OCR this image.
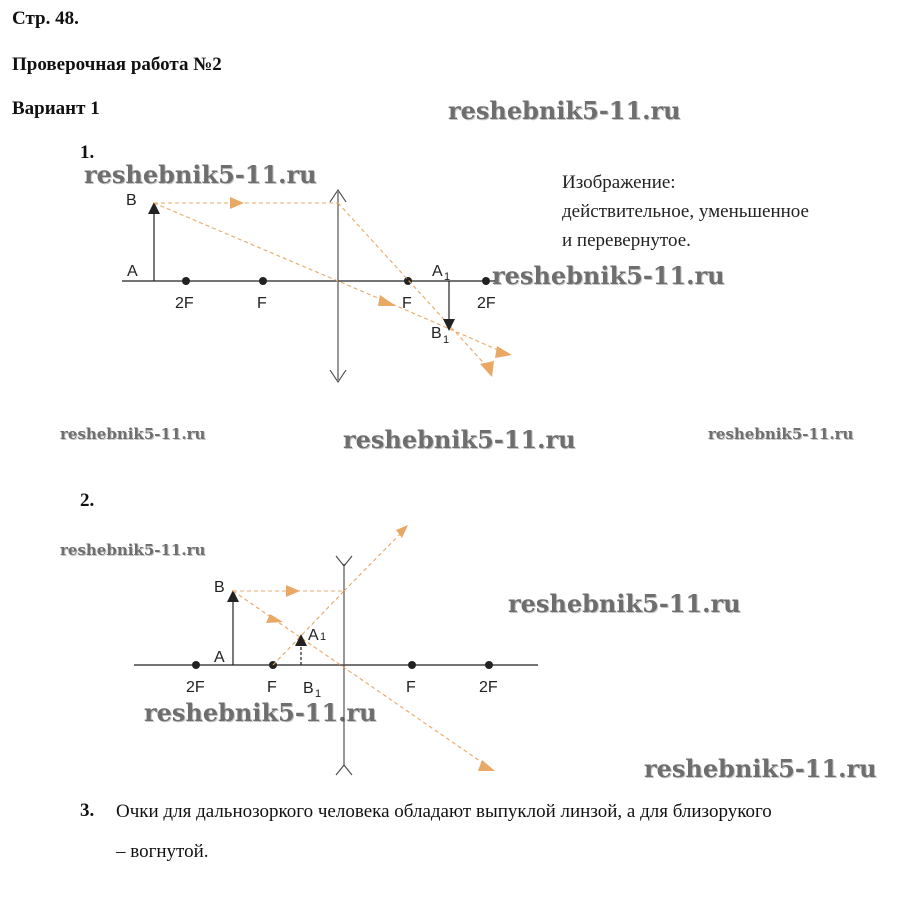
Стр. 48.
Проверочная работа №2
Вариант 1	reshebnik5-11.ru
reshebnik5-11.ru
reshebnik5-11.ru
reshebnik5-11.ru	reshebnik5-11.ru	reshebnik5-11.ru
reshebnik5-11.ru
reshebnik5-11.ru
reshebnik5-11.ru
reshebnik5-11.ru
1.
Изображение:
действительное, уменьшенное
и перевернутое.
B
A
2F	F	F	2F
A 1
B 1
B
A
2F	F B 1
A 1
F	2F
2.
3. Очки для дальнозоркого человека обладают выпуклой линзой, а для близорукого
– вогнутой.
